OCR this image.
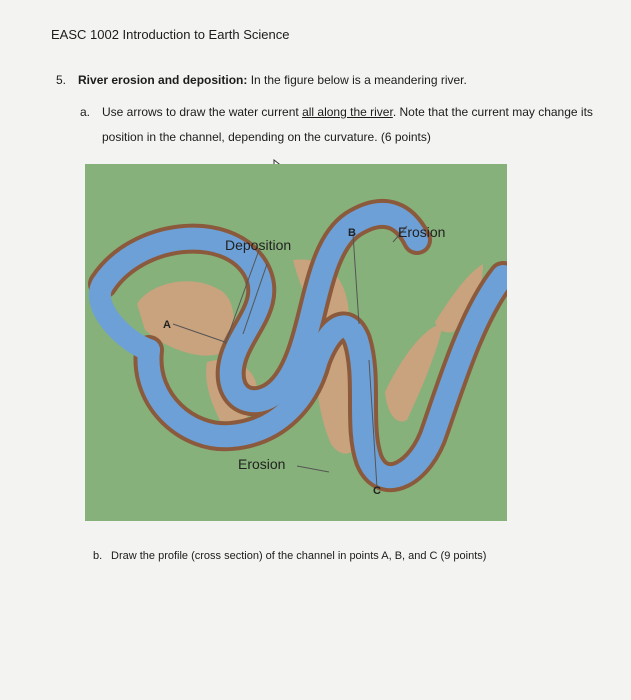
EASC 1002 Introduction to Earth Science
5. River erosion and deposition: In the figure below is a meandering river.
a. Use arrows to draw the water current all along the river. Note that the current may change its
position in the channel, depending on the curvature. (6 points)
Deposition
Erosion
Erosion
A
B
C
b. Draw the profile (cross section) of the channel in points A, B, and C (9 points)
